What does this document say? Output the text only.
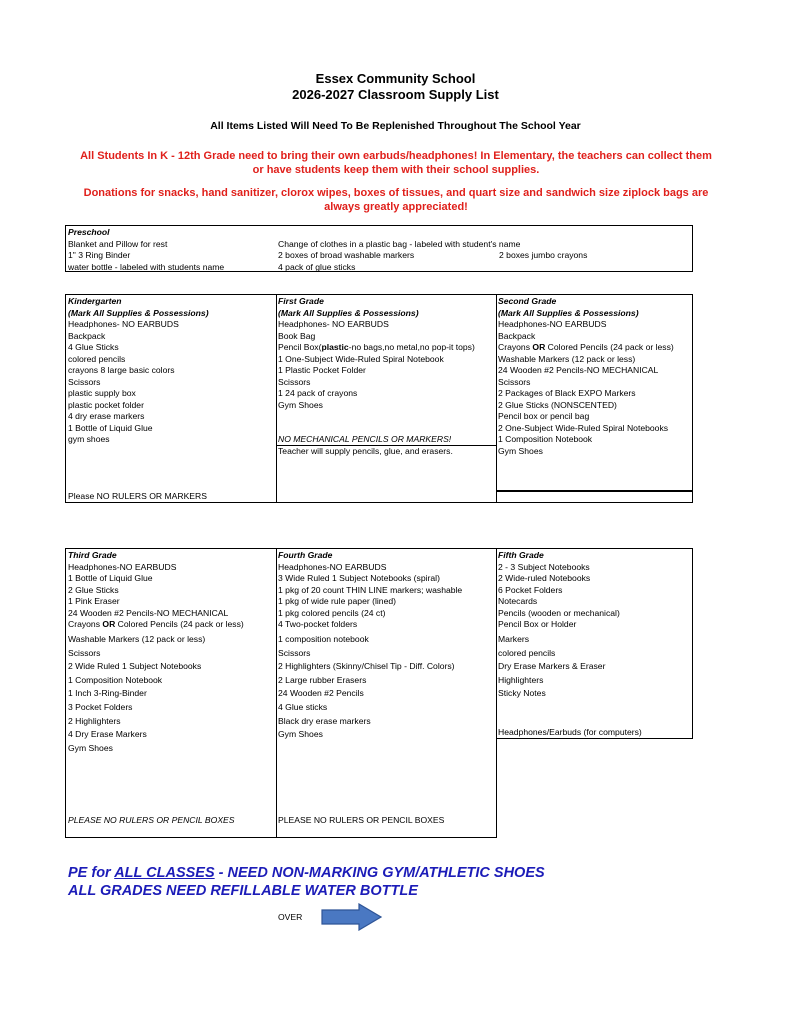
Essex Community School
2026-2027 Classroom Supply List
All Items Listed Will Need To Be Replenished Throughout The School Year
All Students In K - 12th Grade need to bring their own earbuds/headphones! In Elementary, the teachers can collect them
or have students keep them with their school supplies.
Donations for snacks, hand sanitizer, clorox wipes, boxes of tissues, and quart size and sandwich size ziplock bags are
always greatly appreciated!
Preschool
Blanket and Pillow for rest
1" 3 Ring Binder
water bottle - labeled with students name
Change of clothes in a plastic bag - labeled with student's name
2 boxes of broad washable markers
4 pack of glue sticks
2 boxes jumbo crayons
Kindergarten
(Mark All Supplies & Possessions)
Headphones- NO EARBUDS
Backpack
4 Glue Sticks
colored pencils
crayons 8 large basic colors
Scissors
plastic supply box
plastic pocket folder
4 dry erase markers
1 Bottle of Liquid Glue
gym shoes
Please NO RULERS OR MARKERS
First Grade
(Mark All Supplies & Possessions)
Headphones- NO EARBUDS
Book Bag
Pencil Box(plastic-no bags,no metal,no pop-it tops)
1 One-Subject Wide-Ruled Spiral Notebook
1 Plastic Pocket Folder
Scissors
1 24 pack of crayons
Gym Shoes

NO MECHANICAL PENCILS OR MARKERS!
Teacher will supply pencils, glue, and erasers.
Second Grade
(Mark All Supplies & Possessions)
Headphones-NO EARBUDS
Backpack
Crayons OR Colored Pencils (24 pack or less)
Washable Markers (12 pack or less)
24 Wooden #2 Pencils-NO MECHANICAL
Scissors
2 Packages of Black EXPO Markers
2 Glue Sticks (NONSCENTED)
Pencil box or pencil bag
2 One-Subject Wide-Ruled Spiral Notebooks
1 Composition Notebook
Gym Shoes
Third Grade
Headphones-NO EARBUDS
1 Bottle of Liquid Glue
2 Glue Sticks
1 Pink Eraser
24 Wooden #2 Pencils-NO MECHANICAL
Crayons OR Colored Pencils (24 pack or less)
Washable Markers (12 pack or less)
Scissors
2 Wide Ruled 1 Subject Notebooks
1 Composition Notebook
1 Inch 3-Ring-Binder
3 Pocket Folders
2 Highlighters
4 Dry Erase Markers
Gym Shoes
PLEASE NO RULERS OR PENCIL BOXES
Fourth Grade
Headphones-NO EARBUDS
3 Wide Ruled 1 Subject Notebooks (spiral)
1 pkg of 20 count THIN LINE markers; washable
1 pkg of wide rule paper (lined)
1 pkg colored pencils (24 ct)
4 Two-pocket folders
1 composition notebook
Scissors
2 Highlighters (Skinny/Chisel Tip - Diff. Colors)
2 Large rubber Erasers
24 Wooden #2 Pencils
4 Glue sticks
Black dry erase markers
Gym Shoes
PLEASE NO RULERS OR PENCIL BOXES
Fifth Grade
2 - 3 Subject Notebooks
2 Wide-ruled Notebooks
6 Pocket Folders
Notecards
Pencils (wooden or mechanical)
Pencil Box or Holder
Markers
colored pencils
Dry Erase Markers & Eraser
Highlighters
Sticky Notes
Headphones/Earbuds (for computers)
PE for ALL CLASSES - NEED NON-MARKING GYM/ATHLETIC SHOES
ALL GRADES NEED REFILLABLE WATER BOTTLE
OVER
